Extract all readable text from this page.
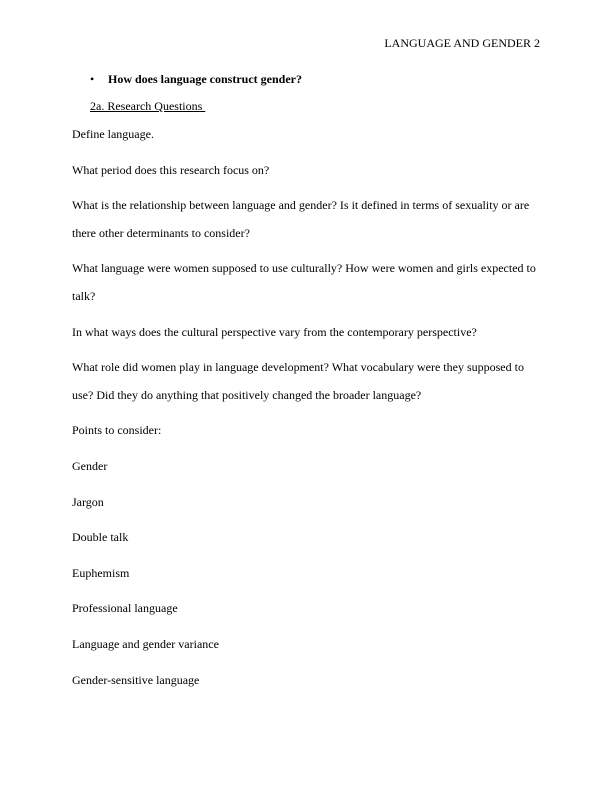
LANGUAGE AND GENDER 2
• How does language construct gender?
2a. Research Questions

Define language.

What period does this research focus on?

What is the relationship between language and gender? Is it defined in terms of sexuality or are there other determinants to consider?

What language were women supposed to use culturally? How were women and girls expected to talk?

In what ways does the cultural perspective vary from the contemporary perspective?

What role did women play in language development? What vocabulary were they supposed to use? Did they do anything that positively changed the broader language?

Points to consider:

Gender

Jargon

Double talk

Euphemism

Professional language

Language and gender variance

Gender-sensitive language
